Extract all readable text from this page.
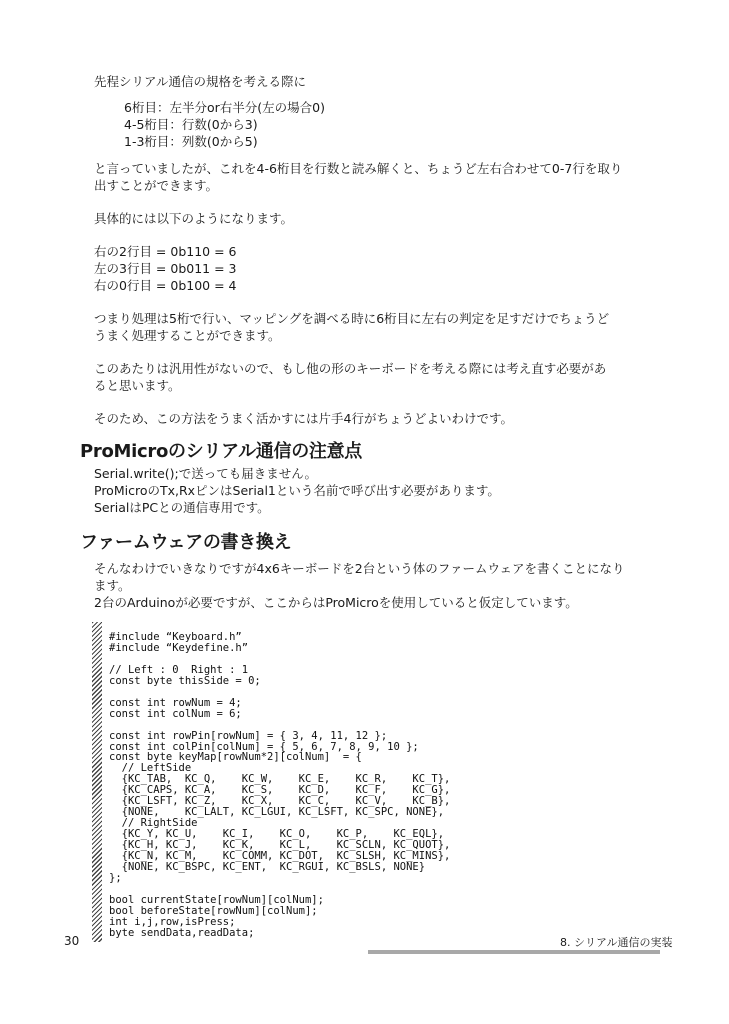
先程シリアル通信の規格を考える際に

6桁目：左半分or右半分(左の場合0)

4-5桁目：行数(0から3)

1-3桁目：列数(0から5)

と言っていましたが、これを4-6桁目を行数と読み解くと、ちょうど左右合わせて0-7行を取り

出すことができます。

具体的には以下のようになります。

右の2行目 = 0b110 = 6

左の3行目 = 0b011 = 3

右の0行目 = 0b100 = 4

つまり処理は5桁で行い、マッピングを調べる時に6桁目に左右の判定を足すだけでちょうど

うまく処理することができます。

このあたりは汎用性がないので、もし他の形のキーボードを考える際には考え直す必要があ

ると思います。

そのため、この方法をうまく活かすには片手4行がちょうどよいわけです。

ProMicroのシリアル通信の注意点

Serial.write();で送っても届きません。

ProMicroのTx,RxピンはSerial1という名前で呼び出す必要があります。

SerialはPCとの通信専用です。

ファームウェアの書き換え

そんなわけでいきなりですが4x6キーボードを2台という体のファームウェアを書くことになり

ます。

2台のArduinoが必要ですが、ここからはProMicroを使用していると仮定しています。

#include “Keyboard.h”
#include “Keydefine.h”

// Left : 0  Right : 1
const byte thisSide = 0;

const int rowNum = 4;
const int colNum = 6;

const int rowPin[rowNum] = { 3, 4, 11, 12 };
const int colPin[colNum] = { 5, 6, 7, 8, 9, 10 };
const byte keyMap[rowNum*2][colNum]  = {
// LeftSide
{KC_TAB,  KC_Q,    KC_W,    KC_E,    KC_R,    KC_T},
{KC_CAPS, KC_A,    KC_S,    KC_D,    KC_F,    KC_G},
{KC_LSFT, KC_Z,    KC_X,    KC_C,    KC_V,    KC_B},
{NONE,    KC_LALT, KC_LGUI, KC_LSFT, KC_SPC, NONE},
// RightSide
{KC_Y, KC_U,    KC_I,    KC_O,    KC_P,    KC_EQL},
{KC_H, KC_J,    KC_K,    KC_L,    KC_SCLN, KC_QUOT},
{KC_N, KC_M,    KC_COMM, KC_DOT,  KC_SLSH, KC_MINS},
{NONE, KC_BSPC, KC_ENT,  KC_RGUI, KC_BSLS, NONE}
};

bool currentState[rowNum][colNum];
bool beforeState[rowNum][colNum];
int i,j,row,isPress;
byte sendData,readData;
30	8. シリアル通信の実装
